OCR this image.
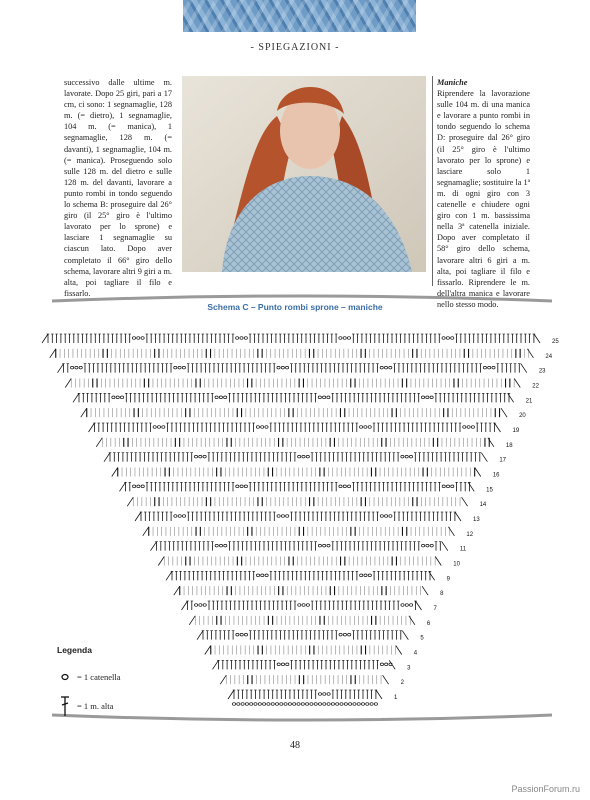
- SPIEGAZIONI -
successivo dalle ultime m. lavorate. Dopo 25 giri, pari a 17 cm, ci sono: 1 segnamaglie, 128 m. (= dietro), 1 segnamaglie, 104 m. (= manica), 1 segnamaglie, 128 m. (= davanti), 1 segnamaglie, 104 m. (= manica). Proseguendo solo sulle 128 m. del dietro e sulle 128 m. del davanti, lavorare a punto rombi in tondo seguendo lo schema B: proseguire dal 26° giro (il 25° giro è l'ultimo lavorato per lo sprone) e lasciare 1 segnamaglie su ciascun lato. Dopo aver completato il 66° giro dello schema, lavorare altri 9 giri a m. alta, poi tagliare il filo e fissarlo.
Maniche
Riprendere la lavorazione sulle 104 m. di una manica e lavorare a punto rombi in tondo seguendo lo schema D: proseguire dal 26° giro (il 25° giro è l'ultimo lavorato per lo sprone) e lasciare solo 1 segnamaglie; sostituire la 1ª m. di ogni giro con 3 catenelle e chiudere ogni giro con 1 m. bassissima nella 3ª catenella iniziale. Dopo aver completato il 58° giro dello schema, lavorare altri 6 giri a m. alta, poi tagliare il filo e fissarlo. Riprendere le m. dell'altra manica e lavorare nello stesso modo.
Schema C – Punto rombi sprone – maniche
25
24
23
22
21
20
19
18
17
16
15
14
13
12
11
10
9
8
7
6
5
4
3
2
1
Legenda
= 1 catenella
= 1 m. alta
48
PassionForum.ru
